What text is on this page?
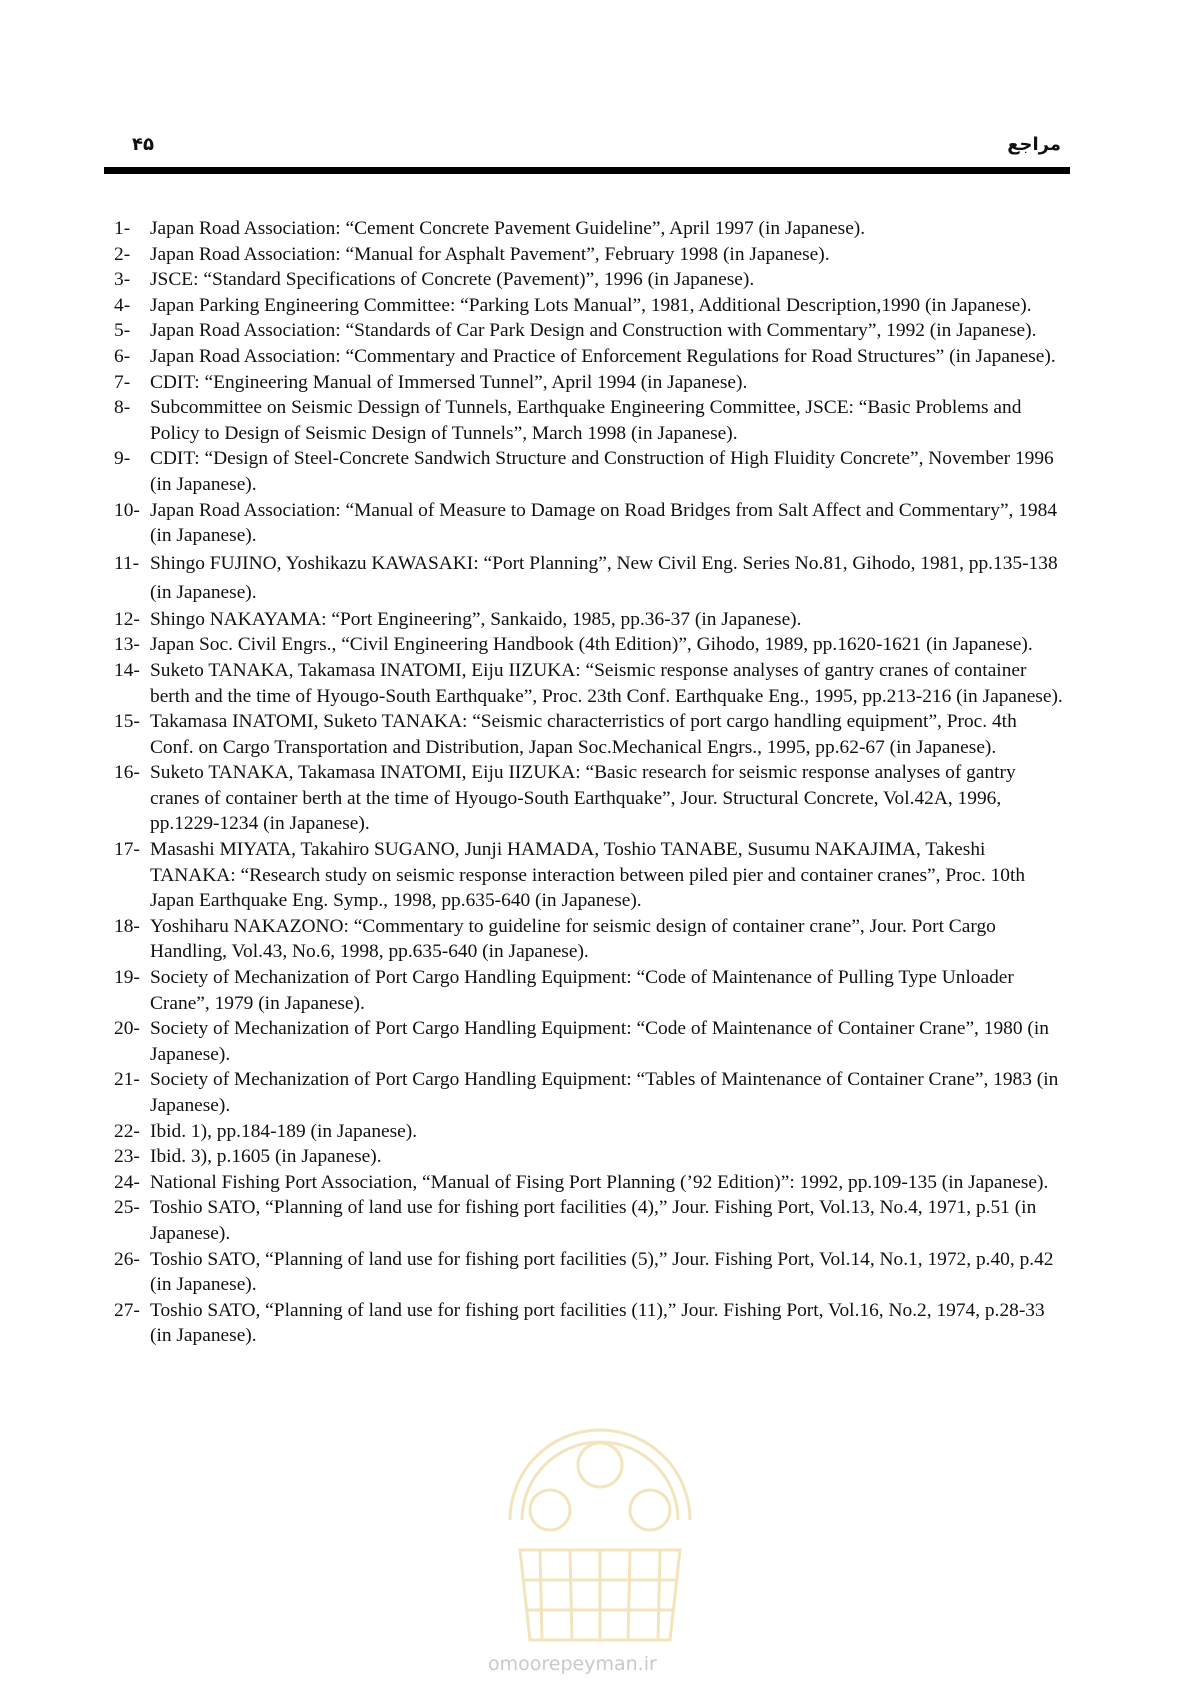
۴۵	مراجع
1- Japan Road Association: “Cement Concrete Pavement Guideline”, April 1997 (in Japanese).
2- Japan Road Association: “Manual for Asphalt Pavement”, February 1998 (in Japanese).
3- JSCE: “Standard Specifications of Concrete (Pavement)”, 1996 (in Japanese).
4- Japan Parking Engineering Committee: “Parking Lots Manual”, 1981, Additional Description,1990 (in Japanese).
5- Japan Road Association: “Standards of Car Park Design and Construction with Commentary”, 1992 (in Japanese).
6- Japan Road Association: “Commentary and Practice of Enforcement Regulations for Road Structures” (in Japanese).
7- CDIT: “Engineering Manual of Immersed Tunnel”, April 1994 (in Japanese).
8- Subcommittee on Seismic Dessign of Tunnels, Earthquake Engineering Committee, JSCE: “Basic Problems and Policy to Design of Seismic Design of Tunnels”, March 1998 (in Japanese).
9- CDIT: “Design of Steel-Concrete Sandwich Structure and Construction of High Fluidity Concrete”, November 1996 (in Japanese).
10- Japan Road Association: “Manual of Measure to Damage on Road Bridges from Salt Affect and Commentary”, 1984 (in Japanese).
11- Shingo FUJINO, Yoshikazu KAWASAKI: “Port Planning”, New Civil Eng. Series No.81, Gihodo, 1981, pp.135-138 (in Japanese).
12- Shingo NAKAYAMA: “Port Engineering”, Sankaido, 1985, pp.36-37 (in Japanese).
13- Japan Soc. Civil Engrs., “Civil Engineering Handbook (4th Edition)”, Gihodo, 1989, pp.1620-1621 (in Japanese).
14- Suketo TANAKA, Takamasa INATOMI, Eiju IIZUKA: “Seismic response analyses of gantry cranes of container berth and the time of Hyougo-South Earthquake”, Proc. 23th Conf. Earthquake Eng., 1995, pp.213-216 (in Japanese).
15- Takamasa INATOMI, Suketo TANAKA: “Seismic characterristics of port cargo handling equipment”, Proc. 4th Conf. on Cargo Transportation and Distribution, Japan Soc.Mechanical Engrs., 1995, pp.62-67 (in Japanese).
16- Suketo TANAKA, Takamasa INATOMI, Eiju IIZUKA: “Basic research for seismic response analyses of gantry cranes of container berth at the time of Hyougo-South Earthquake”, Jour. Structural Concrete, Vol.42A, 1996, pp.1229-1234 (in Japanese).
17- Masashi MIYATA, Takahiro SUGANO, Junji HAMADA, Toshio TANABE, Susumu NAKAJIMA, Takeshi TANAKA: “Research study on seismic response interaction between piled pier and container cranes”, Proc. 10th Japan Earthquake Eng. Symp., 1998, pp.635-640 (in Japanese).
18- Yoshiharu NAKAZONO: “Commentary to guideline for seismic design of container crane”, Jour. Port Cargo Handling, Vol.43, No.6, 1998, pp.635-640 (in Japanese).
19- Society of Mechanization of Port Cargo Handling Equipment: “Code of Maintenance of Pulling Type Unloader Crane”, 1979 (in Japanese).
20- Society of Mechanization of Port Cargo Handling Equipment: “Code of Maintenance of Container Crane”, 1980 (in Japanese).
21- Society of Mechanization of Port Cargo Handling Equipment: “Tables of Maintenance of Container Crane”, 1983 (in Japanese).
22- Ibid. 1), pp.184-189 (in Japanese).
23- Ibid. 3), p.1605 (in Japanese).
24- National Fishing Port Association, “Manual of Fising Port Planning (’92 Edition)”: 1992, pp.109-135 (in Japanese).
25- Toshio SATO, “Planning of land use for fishing port facilities (4),” Jour. Fishing Port, Vol.13, No.4, 1971, p.51 (in Japanese).
26- Toshio SATO, “Planning of land use for fishing port facilities (5),” Jour. Fishing Port, Vol.14, No.1, 1972, p.40, p.42 (in Japanese).
27- Toshio SATO, “Planning of land use for fishing port facilities (11),” Jour. Fishing Port, Vol.16, No.2, 1974, p.28-33 (in Japanese).
omoorepeyman.ir
